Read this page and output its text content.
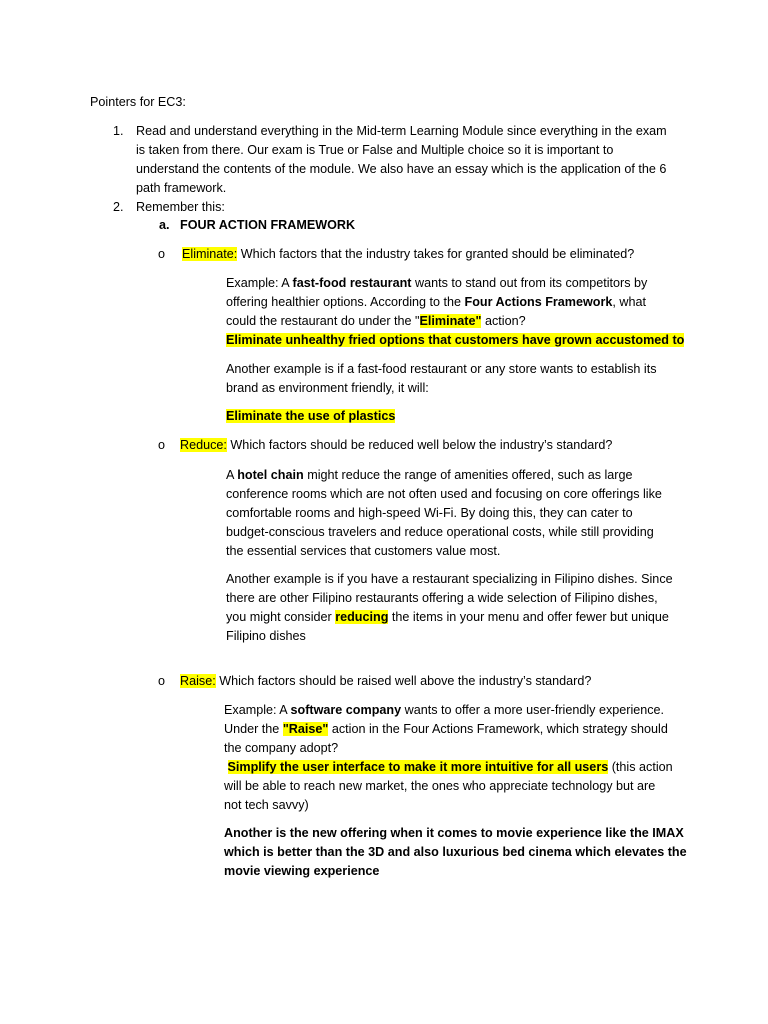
Pointers for EC3:
1. Read and understand everything in the Mid-term Learning Module since everything in the exam
is taken from there. Our exam is True or False and Multiple choice so it is important to
understand the contents of the module. We also have an essay which is the application of the 6
path framework.
2. Remember this:
a. FOUR ACTION FRAMEWORK
o Eliminate: Which factors that the industry takes for granted should be eliminated?
Example: A fast-food restaurant wants to stand out from its competitors by
offering healthier options. According to the Four Actions Framework, what
could the restaurant do under the "Eliminate" action?
Eliminate unhealthy fried options that customers have grown accustomed to
Another example is if a fast-food restaurant or any store wants to establish its
brand as environment friendly, it will:
Eliminate the use of plastics
o Reduce: Which factors should be reduced well below the industry’s standard?
A hotel chain might reduce the range of amenities offered, such as large
conference rooms which are not often used and focusing on core offerings like
comfortable rooms and high-speed Wi-Fi. By doing this, they can cater to
budget-conscious travelers and reduce operational costs, while still providing
the essential services that customers value most.
Another example is if you have a restaurant specializing in Filipino dishes. Since
there are other Filipino restaurants offering a wide selection of Filipino dishes,
you might consider reducing the items in your menu and offer fewer but unique
Filipino dishes
o Raise: Which factors should be raised well above the industry’s standard?
Example: A software company wants to offer a more user-friendly experience.
Under the "Raise" action in the Four Actions Framework, which strategy should
the company adopt?
Simplify the user interface to make it more intuitive for all users (this action
will be able to reach new market, the ones who appreciate technology but are
not tech savvy)
Another is the new offering when it comes to movie experience like the IMAX
which is better than the 3D and also luxurious bed cinema which elevates the
movie viewing experience
